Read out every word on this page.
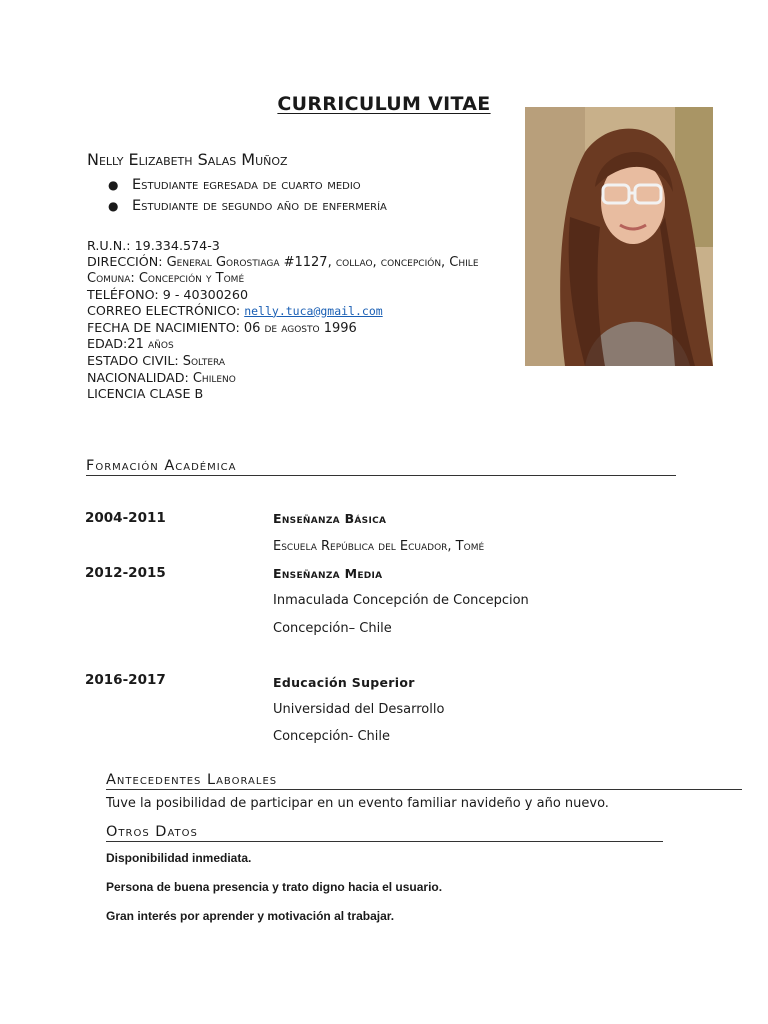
CURRICULUM VITAE
Nelly Elizabeth Salas Muñoz
● Estudiante egresada de cuarto medio
● Estudiante de segundo año de enfermería
R.U.N.: 19.334.574-3
DIRECCIÓN: General Gorostiaga #1127, collao, concepción, Chile
Comuna: Concepción y Tomé
TELÉFONO: 9 - 40300260
CORREO ELECTRÓNICO: nelly.tuca@gmail.com
FECHA DE NACIMIENTO: 06 de agosto 1996
EDAD:21 años
ESTADO CIVIL: Soltera
NACIONALIDAD: Chileno
LICENCIA CLASE B
Formación Académica
2004-2011	Enseñanza Básica
Escuela República del Ecuador, Tomé
2012-2015	Enseñanza Media
Inmaculada Concepción de Concepcion
Concepción– Chile
2016-2017	Educación Superior
Universidad del Desarrollo
Concepción- Chile
Antecedentes Laborales
Tuve la posibilidad de participar en un evento familiar navideño y año nuevo.
Otros Datos
Disponibilidad inmediata.
Persona de buena presencia y trato digno hacia el usuario.
Gran interés por aprender y motivación al trabajar.
